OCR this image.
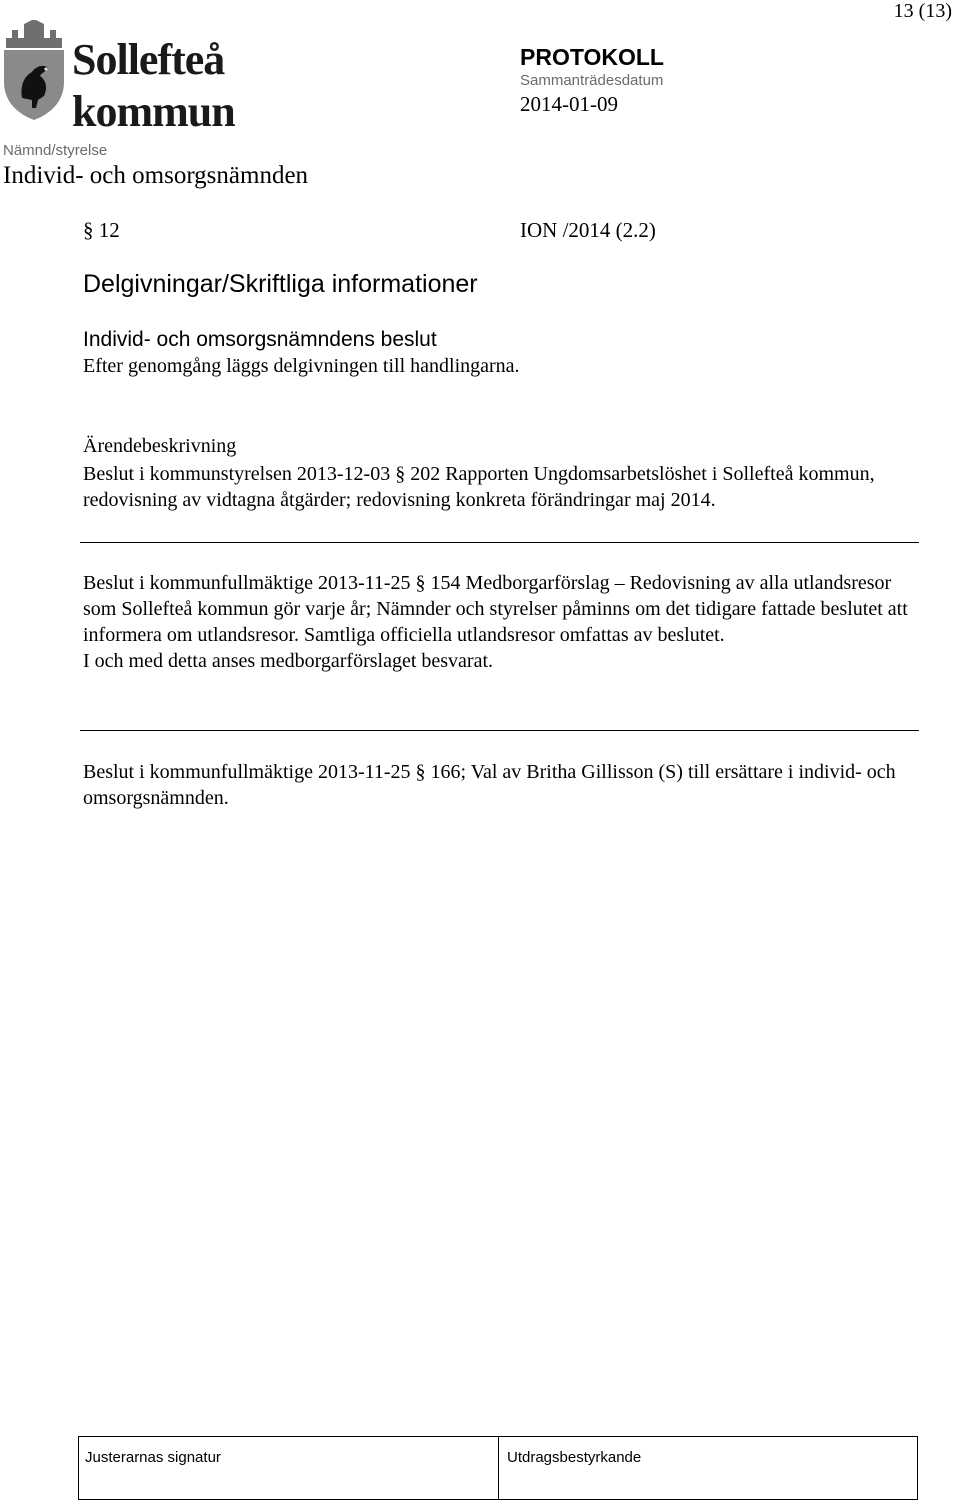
13 (13)
Sollefteå
kommun
PROTOKOLL
Sammanträdesdatum
2014-01-09
Nämnd/styrelse
Individ- och omsorgsnämnden
§ 12	ION /2014 (2.2)
Delgivningar/Skriftliga informationer
Individ- och omsorgsnämndens beslut
Efter genomgång läggs delgivningen till handlingarna.
Ärendebeskrivning

Beslut i kommunstyrelsen 2013-12-03 § 202 Rapporten Ungdomsarbetslöshet i Sollefteå kommun, redovisning av vidtagna åtgärder; redovisning konkreta förändringar maj 2014.

Beslut i kommunfullmäktige 2013-11-25 § 154 Medborgarförslag – Redovisning av alla utlandsresor som Sollefteå kommun gör varje år; Nämnder och styrelser påminns om det tidigare fattade beslutet att informera om utlandsresor. Samtliga officiella utlandsresor omfattas av beslutet.
I och med detta anses medborgarförslaget besvarat.

Beslut i kommunfullmäktige 2013-11-25 § 166; Val av Britha Gillisson (S) till ersättare i individ- och omsorgsnämnden.

Justerarnas signatur	Utdragsbestyrkande
